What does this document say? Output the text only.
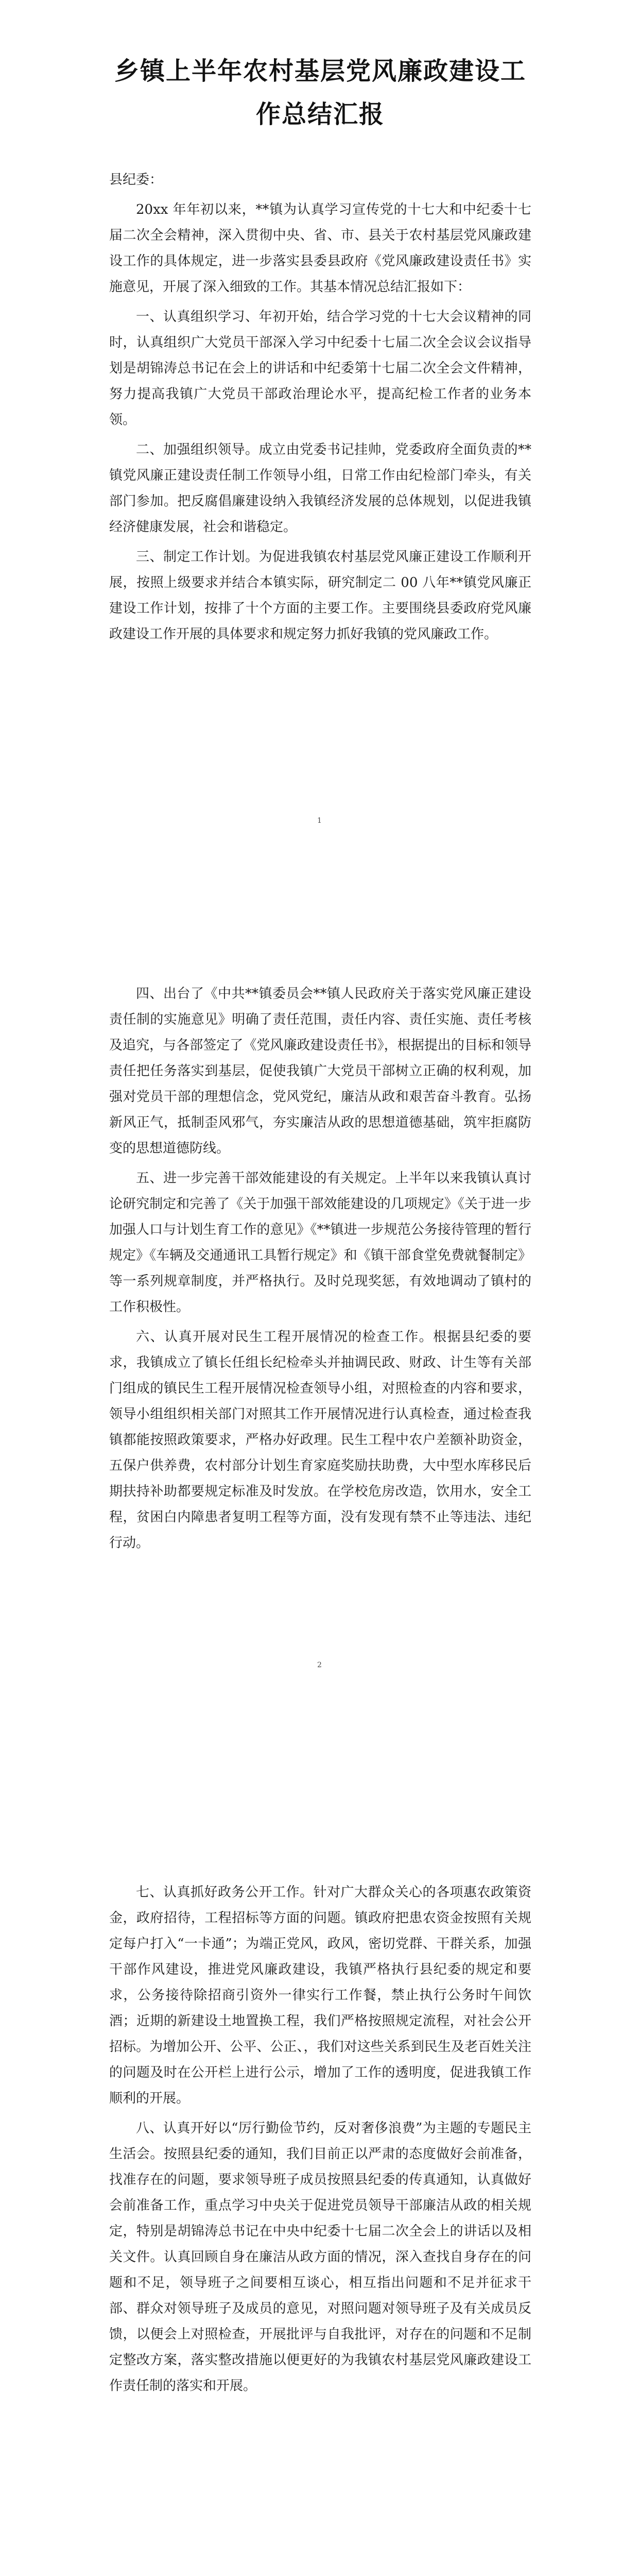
乡镇上半年农村基层党风廉政建设工作总结汇报

县纪委：

20xx 年年初以来，**镇为认真学习宣传党的十七大和中纪委十七届二次全会精神，深入贯彻中央、省、市、县关于农村基层党风廉政建设工作的具体规定，进一步落实县委县政府《党风廉政建设责任书》实施意见，开展了深入细致的工作。其基本情况总结汇报如下：

一、认真组织学习、年初开始，结合学习党的十七大会议精神的同时，认真组织广大党员干部深入学习中纪委十七届二次全会议会议指导划是胡锦涛总书记在会上的讲话和中纪委第十七届二次全会文件精神，努力提高我镇广大党员干部政治理论水平，提高纪检工作者的业务本领。

二、加强组织领导。成立由党委书记挂帅，党委政府全面负责的**镇党风廉正建设责任制工作领导小组，日常工作由纪检部门牵头，有关部门参加。把反腐倡廉建设纳入我镇经济发展的总体规划，以促进我镇经济健康发展，社会和谐稳定。

三、制定工作计划。为促进我镇农村基层党风廉正建设工作顺利开展，按照上级要求并结合本镇实际，研究制定二 00 八年**镇党风廉正建设工作计划，按排了十个方面的主要工作。主要围绕县委政府党风廉政建设工作开展的具体要求和规定努力抓好我镇的党风廉政工作。

1

四、出台了《中共**镇委员会**镇人民政府关于落实党风廉正建设责任制的实施意见》明确了责任范围，责任内容、责任实施、责任考核及追究，与各部签定了《党风廉政建设责任书》，根据提出的目标和领导责任把任务落实到基层，促使我镇广大党员干部树立正确的权利观，加强对党员干部的理想信念，党风党纪，廉洁从政和艰苦奋斗教育。弘扬新风正气，抵制歪风邪气，夯实廉洁从政的思想道德基础，筑牢拒腐防变的思想道德防线。

五、进一步完善干部效能建设的有关规定。上半年以来我镇认真讨论研究制定和完善了《关于加强干部效能建设的几项规定》《关于进一步加强人口与计划生育工作的意见》《**镇进一步规范公务接待管理的暂行规定》《车辆及交通通讯工具暂行规定》和《镇干部食堂免费就餐制定》等一系列规章制度，并严格执行。及时兑现奖惩，有效地调动了镇村的工作积极性。

六、认真开展对民生工程开展情况的检查工作。根据县纪委的要求，我镇成立了镇长任组长纪检牵头并抽调民政、财政、计生等有关部门组成的镇民生工程开展情况检查领导小组，对照检查的内容和要求，领导小组组织相关部门对照其工作开展情况进行认真检查，通过检查我镇都能按照政策要求，严格办好政理。民生工程中农户差额补助资金，五保户供养费，农村部分计划生育家庭奖励扶助费，大中型水库移民后期扶持补助都要规定标准及时发放。在学校危房改造，饮用水，安全工程，贫困白内障患者复明工程等方面，没有发现有禁不止等违法、违纪行动。

2

七、认真抓好政务公开工作。针对广大群众关心的各项惠农政策资金，政府招待，工程招标等方面的问题。镇政府把患农资金按照有关规定每户打入“一卡通”；为端正党风，政风，密切党群、干群关系，加强干部作风建设，推进党风廉政建设，我镇严格执行县纪委的规定和要求，公务接待除招商引资外一律实行工作餐，禁止执行公务时午间饮酒；近期的新建设土地置换工程，我们严格按照规定流程，对社会公开招标。为增加公开、公平、公正、，我们对这些关系到民生及老百姓关注的问题及时在公开栏上进行公示，增加了工作的透明度，促进我镇工作顺利的开展。

八、认真开好以“厉行勤俭节约，反对奢侈浪费”为主题的专题民主生活会。按照县纪委的通知，我们目前正以严肃的态度做好会前准备，找准存在的问题，要求领导班子成员按照县纪委的传真通知，认真做好会前准备工作，重点学习中央关于促进党员领导干部廉洁从政的相关规定，特别是胡锦涛总书记在中央中纪委十七届二次全会上的讲话以及相关文件。认真回顾自身在廉洁从政方面的情况，深入查找自身存在的问题和不足，领导班子之间要相互谈心，相互指出问题和不足并征求干部、群众对领导班子及成员的意见，对照问题对领导班子及有关成员反馈，以便会上对照检查，开展批评与自我批评，对存在的问题和不足制定整改方案，落实整改措施以便更好的为我镇农村基层党风廉政建设工作责任制的落实和开展。
